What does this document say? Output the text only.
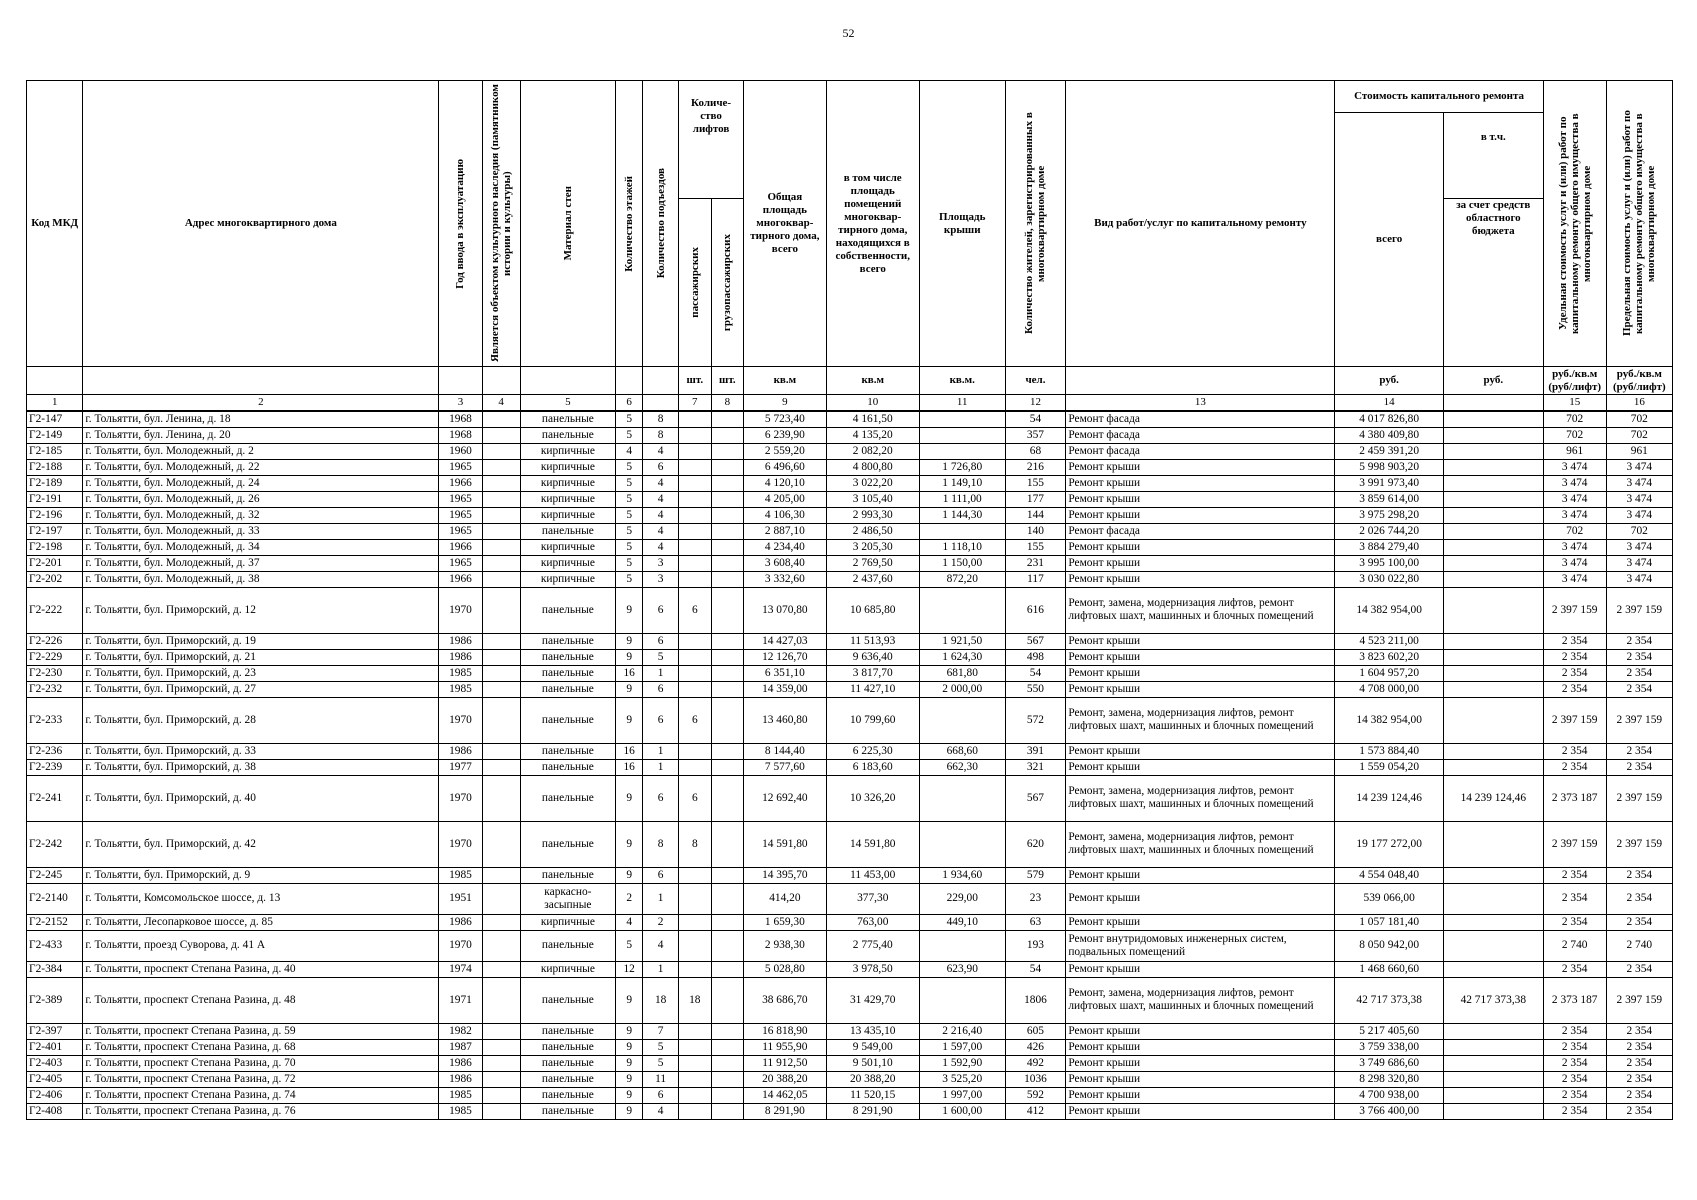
52
Код МКД	Адрес многоквартирного дома	Год ввода в эксплуатацию	Является объектом культурного наследия (памятником истории и культуры)	Материал стен	Количество этажей	Количество подъездов	Количе-ство лифтов		Общая площадь многоквар-тирного дома, всего	в том числе площадь помещений многоквар-тирного дома, находящихся в собственности, всего	Площадь крыши	Количество жителей, зарегистрированных в многоквартирном доме	Вид работ/услуг по капитальному ремонту	Стоимость капитального ремонта		Удельная стоимость услуг и (или) работ по капитальному ремонту общего имущества в многоквартирном доме	Предельная стоимость услуг и (или) работ по капитальному ремонту общего имущества в многоквартирном доме

														всего	в т.ч.		

							пассажирских	грузопассажирских							за счет средств областного бюджета		
							шт.	шт.	кв.м	кв.м	кв.м.	чел.		руб.	руб.	руб./кв.м (руб/лифт)	руб./кв.м (руб/лифт)
1	2	3	4	5	6		7	8	9	10	11	12	13	14		15	16
Г2-147	г. Тольятти, бул. Ленина, д. 18	1968		панельные	5	8			5 723,40	4 161,50		54	Ремонт фасада	4 017 826,80		702	702
Г2-149	г. Тольятти, бул. Ленина, д. 20	1968		панельные	5	8			6 239,90	4 135,20		357	Ремонт фасада	4 380 409,80		702	702
Г2-185	г. Тольятти, бул. Молодежный, д. 2	1960		кирпичные	4	4			2 559,20	2 082,20		68	Ремонт фасада	2 459 391,20		961	961
Г2-188	г. Тольятти, бул. Молодежный, д. 22	1965		кирпичные	5	6			6 496,60	4 800,80	1 726,80	216	Ремонт крыши	5 998 903,20		3 474	3 474
Г2-189	г. Тольятти, бул. Молодежный, д. 24	1966		кирпичные	5	4			4 120,10	3 022,20	1 149,10	155	Ремонт крыши	3 991 973,40		3 474	3 474
Г2-191	г. Тольятти, бул. Молодежный, д. 26	1965		кирпичные	5	4			4 205,00	3 105,40	1 111,00	177	Ремонт крыши	3 859 614,00		3 474	3 474
Г2-196	г. Тольятти, бул. Молодежный, д. 32	1965		кирпичные	5	4			4 106,30	2 993,30	1 144,30	144	Ремонт крыши	3 975 298,20		3 474	3 474
Г2-197	г. Тольятти, бул. Молодежный, д. 33	1965		панельные	5	4			2 887,10	2 486,50		140	Ремонт фасада	2 026 744,20		702	702
Г2-198	г. Тольятти, бул. Молодежный, д. 34	1966		кирпичные	5	4			4 234,40	3 205,30	1 118,10	155	Ремонт крыши	3 884 279,40		3 474	3 474
Г2-201	г. Тольятти, бул. Молодежный, д. 37	1965		кирпичные	5	3			3 608,40	2 769,50	1 150,00	231	Ремонт крыши	3 995 100,00		3 474	3 474
Г2-202	г. Тольятти, бул. Молодежный, д. 38	1966		кирпичные	5	3			3 332,60	2 437,60	872,20	117	Ремонт крыши	3 030 022,80		3 474	3 474
Г2-222	г. Тольятти, бул. Приморский, д. 12	1970		панельные	9	6	6		13 070,80	10 685,80		616	Ремонт, замена, модернизация лифтов, ремонт лифтовых шахт, машинных и блочных помещений	14 382 954,00		2 397 159	2 397 159
Г2-226	г. Тольятти, бул. Приморский, д. 19	1986		панельные	9	6			14 427,03	11 513,93	1 921,50	567	Ремонт крыши	4 523 211,00		2 354	2 354
Г2-229	г. Тольятти, бул. Приморский, д. 21	1986		панельные	9	5			12 126,70	9 636,40	1 624,30	498	Ремонт крыши	3 823 602,20		2 354	2 354
Г2-230	г. Тольятти, бул. Приморский, д. 23	1985		панельные	16	1			6 351,10	3 817,70	681,80	54	Ремонт крыши	1 604 957,20		2 354	2 354
Г2-232	г. Тольятти, бул. Приморский, д. 27	1985		панельные	9	6			14 359,00	11 427,10	2 000,00	550	Ремонт крыши	4 708 000,00		2 354	2 354
Г2-233	г. Тольятти, бул. Приморский, д. 28	1970		панельные	9	6	6		13 460,80	10 799,60		572	Ремонт, замена, модернизация лифтов, ремонт лифтовых шахт, машинных и блочных помещений	14 382 954,00		2 397 159	2 397 159
Г2-236	г. Тольятти, бул. Приморский, д. 33	1986		панельные	16	1			8 144,40	6 225,30	668,60	391	Ремонт крыши	1 573 884,40		2 354	2 354
Г2-239	г. Тольятти, бул. Приморский, д. 38	1977		панельные	16	1			7 577,60	6 183,60	662,30	321	Ремонт крыши	1 559 054,20		2 354	2 354
Г2-241	г. Тольятти, бул. Приморский, д. 40	1970		панельные	9	6	6		12 692,40	10 326,20		567	Ремонт, замена, модернизация лифтов, ремонт лифтовых шахт, машинных и блочных помещений	14 239 124,46	14 239 124,46	2 373 187	2 397 159
Г2-242	г. Тольятти, бул. Приморский, д. 42	1970		панельные	9	8	8		14 591,80	14 591,80		620	Ремонт, замена, модернизация лифтов, ремонт лифтовых шахт, машинных и блочных помещений	19 177 272,00		2 397 159	2 397 159
Г2-245	г. Тольятти, бул. Приморский, д. 9	1985		панельные	9	6			14 395,70	11 453,00	1 934,60	579	Ремонт крыши	4 554 048,40		2 354	2 354
Г2-2140	г. Тольятти, Комсомольское шоссе, д. 13	1951		каркасно-засыпные	2	1			414,20	377,30	229,00	23	Ремонт крыши	539 066,00		2 354	2 354
Г2-2152	г. Тольятти, Лесопарковое шоссе, д. 85	1986		кирпичные	4	2			1 659,30	763,00	449,10	63	Ремонт крыши	1 057 181,40		2 354	2 354
Г2-433	г. Тольятти, проезд Суворова, д. 41 А	1970		панельные	5	4			2 938,30	2 775,40		193	Ремонт внутридомовых инженерных систем, подвальных помещений	8 050 942,00		2 740	2 740
Г2-384	г. Тольятти, проспект Степана Разина, д. 40	1974		кирпичные	12	1			5 028,80	3 978,50	623,90	54	Ремонт крыши	1 468 660,60		2 354	2 354
Г2-389	г. Тольятти, проспект Степана Разина, д. 48	1971		панельные	9	18	18		38 686,70	31 429,70		1806	Ремонт, замена, модернизация лифтов, ремонт лифтовых шахт, машинных и блочных помещений	42 717 373,38	42 717 373,38	2 373 187	2 397 159
Г2-397	г. Тольятти, проспект Степана Разина, д. 59	1982		панельные	9	7			16 818,90	13 435,10	2 216,40	605	Ремонт крыши	5 217 405,60		2 354	2 354
Г2-401	г. Тольятти, проспект Степана Разина, д. 68	1987		панельные	9	5			11 955,90	9 549,00	1 597,00	426	Ремонт крыши	3 759 338,00		2 354	2 354
Г2-403	г. Тольятти, проспект Степана Разина, д. 70	1986		панельные	9	5			11 912,50	9 501,10	1 592,90	492	Ремонт крыши	3 749 686,60		2 354	2 354
Г2-405	г. Тольятти, проспект Степана Разина, д. 72	1986		панельные	9	11			20 388,20	20 388,20	3 525,20	1036	Ремонт крыши	8 298 320,80		2 354	2 354
Г2-406	г. Тольятти, проспект Степана Разина, д. 74	1985		панельные	9	6			14 462,05	11 520,15	1 997,00	592	Ремонт крыши	4 700 938,00		2 354	2 354
Г2-408	г. Тольятти, проспект Степана Разина, д. 76	1985		панельные	9	4			8 291,90	8 291,90	1 600,00	412	Ремонт крыши	3 766 400,00		2 354	2 354
